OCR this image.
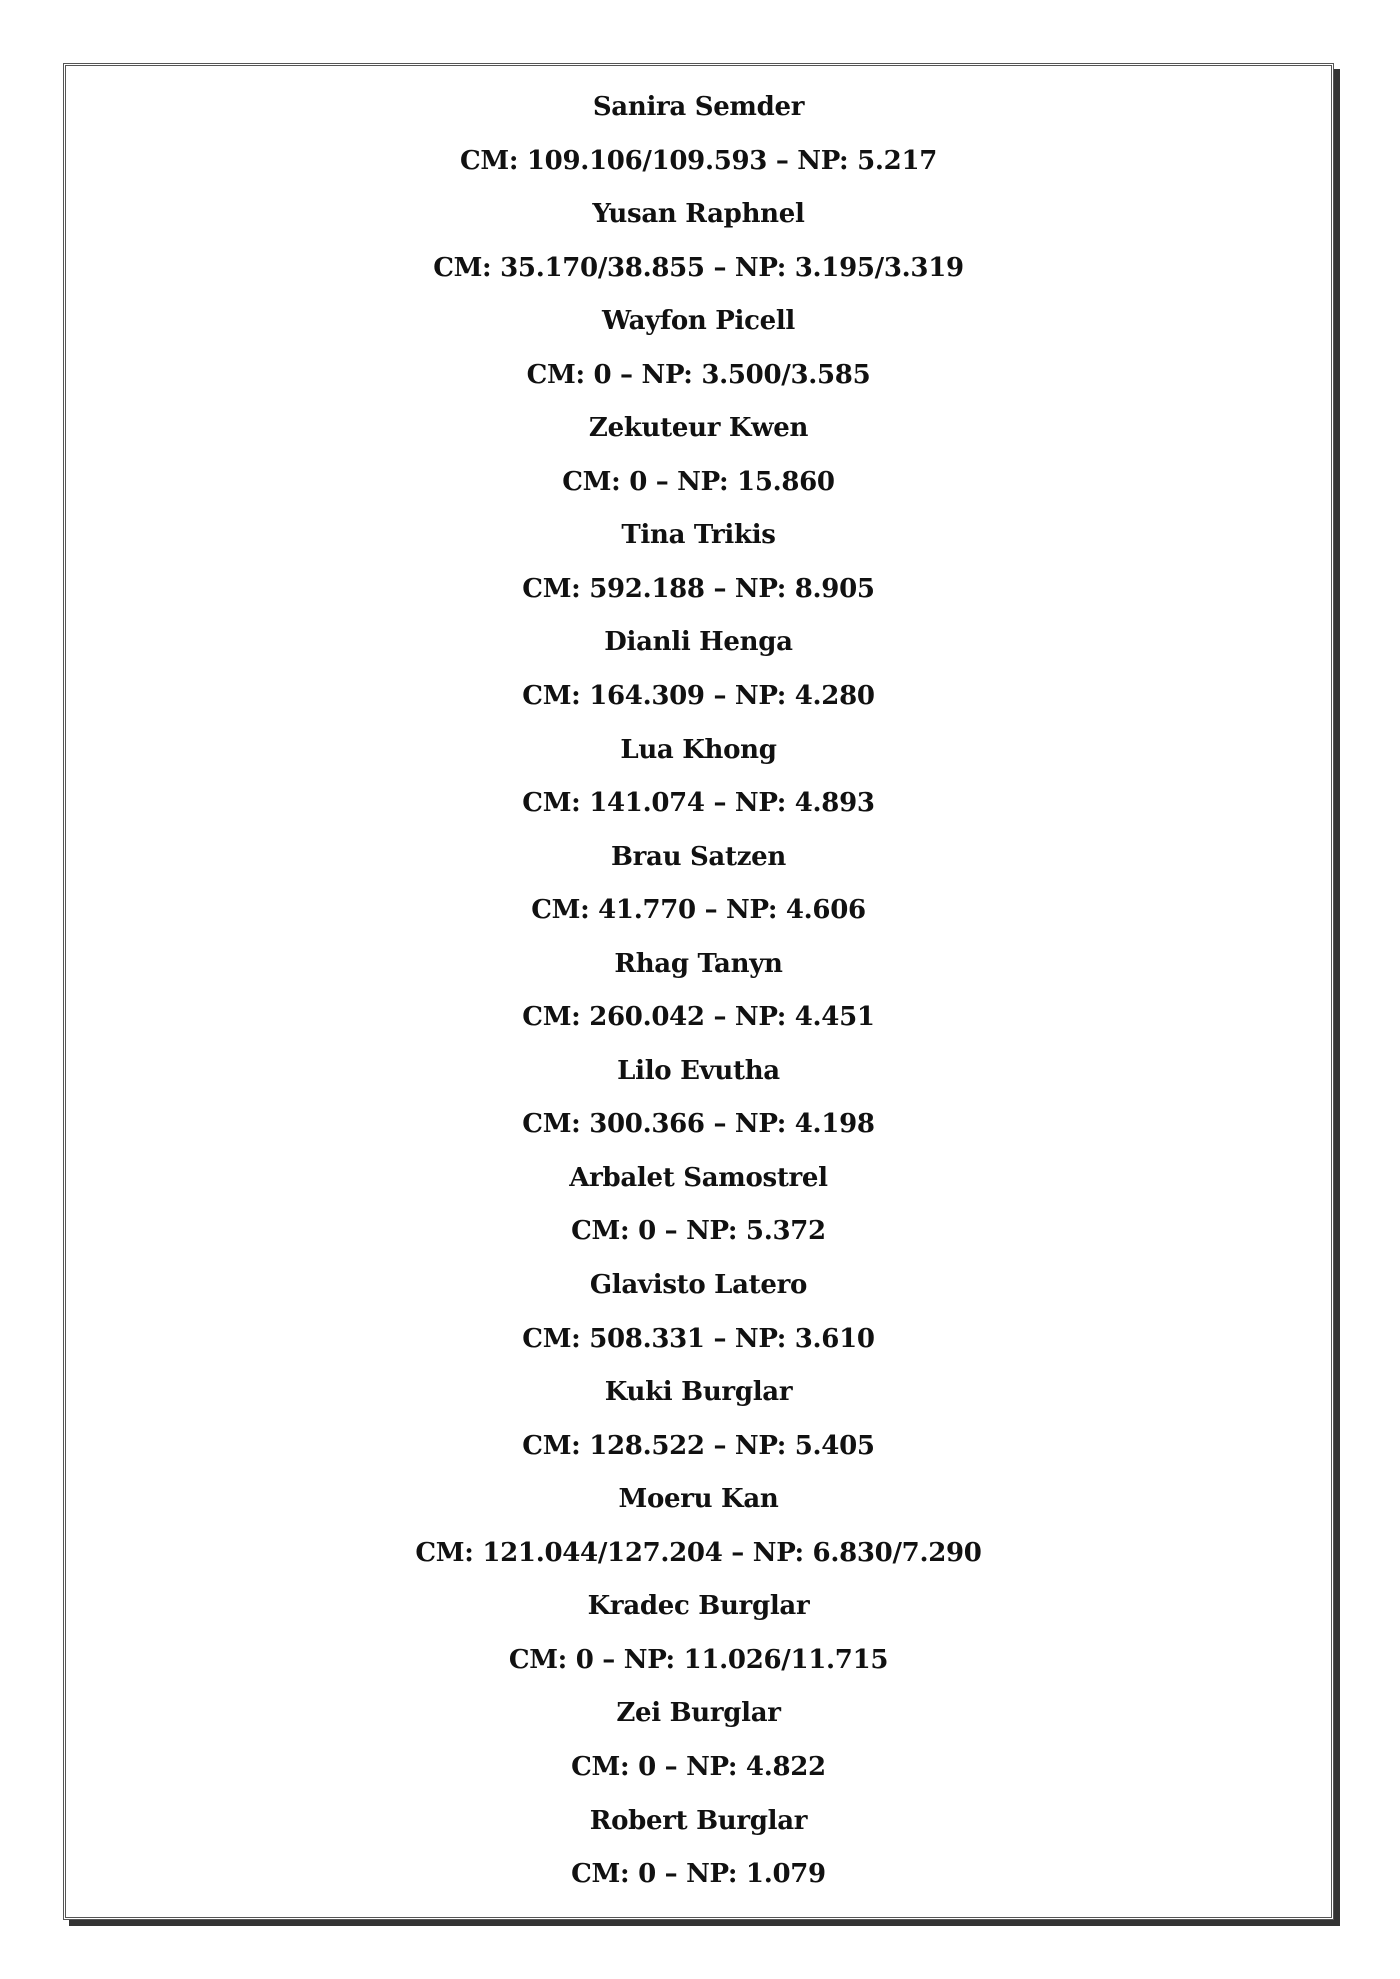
Sanira Semder
CM: 109.106/109.593 – NP: 5.217
Yusan Raphnel
CM: 35.170/38.855 – NP: 3.195/3.319
Wayfon Picell
CM: 0 – NP: 3.500/3.585
Zekuteur Kwen
CM: 0 – NP: 15.860
Tina Trikis
CM: 592.188 – NP: 8.905
Dianli Henga
CM: 164.309 – NP: 4.280
Lua Khong
CM: 141.074 – NP: 4.893
Brau Satzen
CM: 41.770 – NP: 4.606
Rhag Tanyn
CM: 260.042 – NP: 4.451
Lilo Evutha
CM: 300.366 – NP: 4.198
Arbalet Samostrel
CM: 0 – NP: 5.372
Glavisto Latero
CM: 508.331 – NP: 3.610
Kuki Burglar
CM: 128.522 – NP: 5.405
Moeru Kan
CM: 121.044/127.204 – NP: 6.830/7.290
Kradec Burglar
CM: 0 – NP: 11.026/11.715
Zei Burglar
CM: 0 – NP: 4.822
Robert Burglar
CM: 0 – NP: 1.079
